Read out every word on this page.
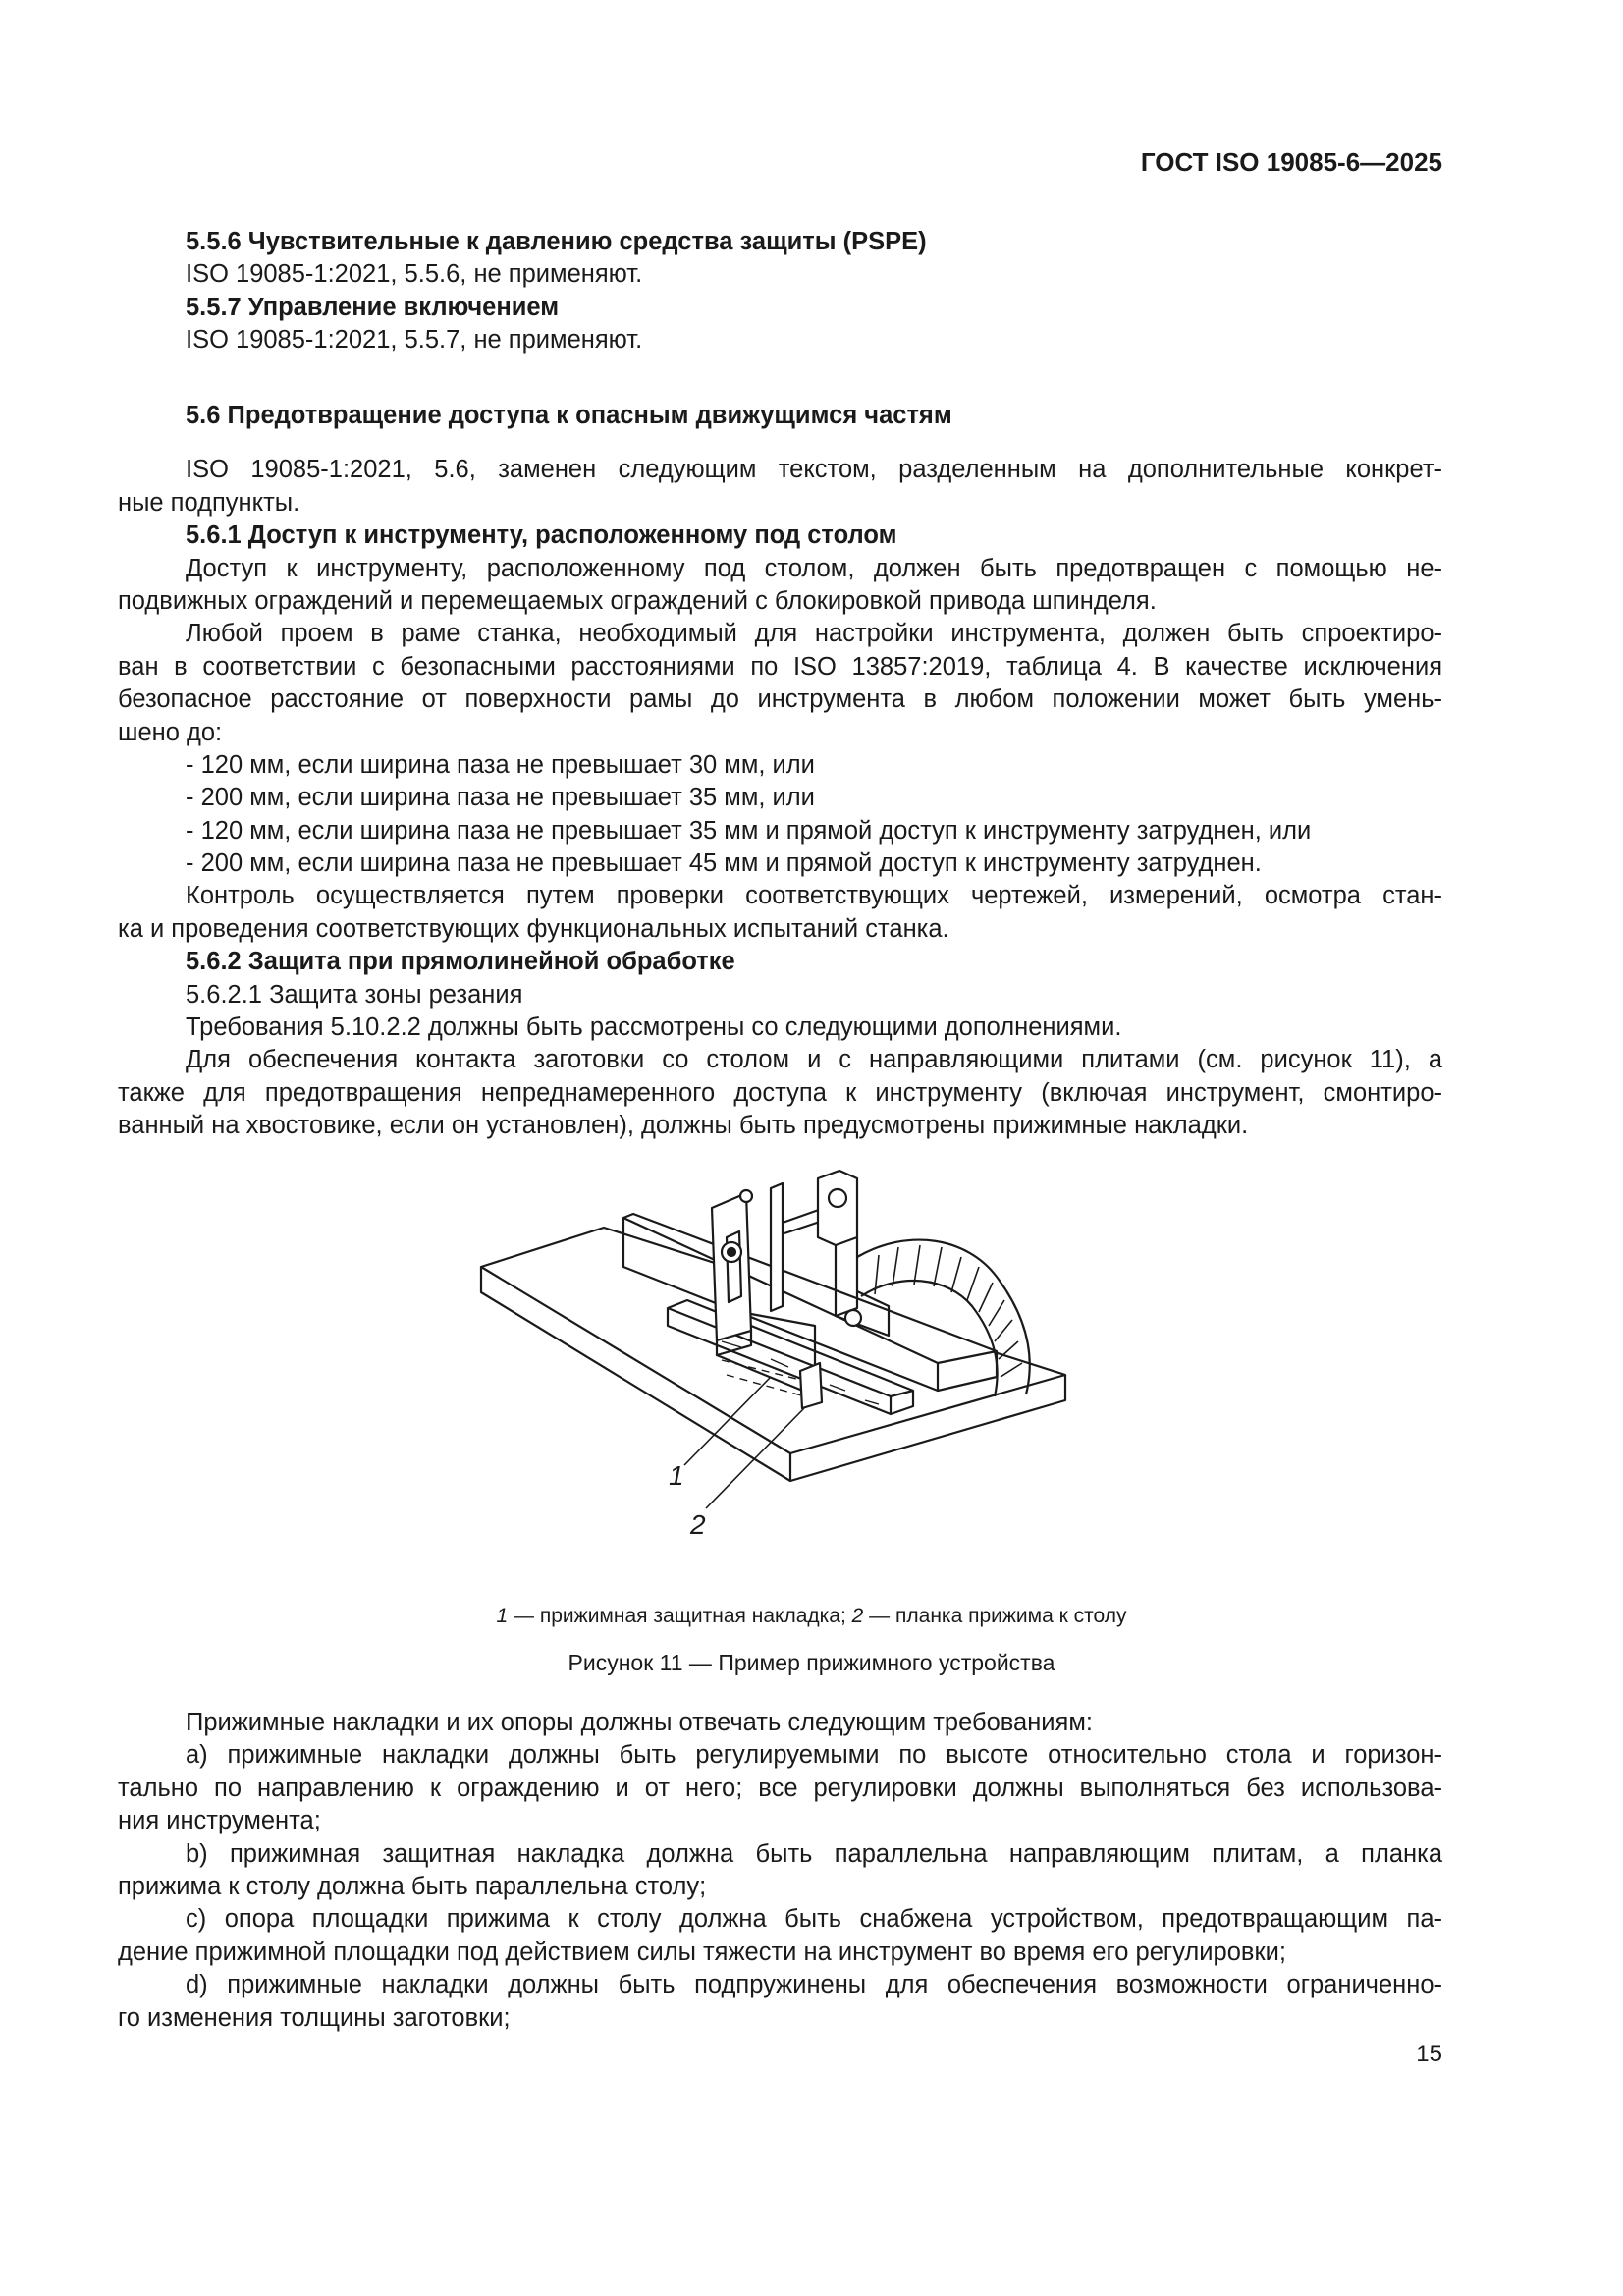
ГОСТ ISO 19085-6—2025
5.5.6 Чувствительные к давлению средства защиты (PSPE)
ISO 19085-1:2021, 5.5.6, не применяют.
5.5.7 Управление включением
ISO 19085-1:2021, 5.5.7, не применяют.
5.6 Предотвращение доступа к опасным движущимся частям
ISO 19085-1:2021, 5.6, заменен следующим текстом, разделенным на дополнительные конкрет-
ные подпункты.
5.6.1 Доступ к инструменту, расположенному под столом
Доступ к инструменту, расположенному под столом, должен быть предотвращен с помощью не-
подвижных ограждений и перемещаемых ограждений с блокировкой привода шпинделя.
Любой проем в раме станка, необходимый для настройки инструмента, должен быть спроектиро-
ван в соответствии с безопасными расстояниями по ISO 13857:2019, таблица 4. В качестве исключения
безопасное расстояние от поверхности рамы до инструмента в любом положении может быть умень-
шено до:
- 120 мм, если ширина паза не превышает 30 мм, или
- 200 мм, если ширина паза не превышает 35 мм, или
- 120 мм, если ширина паза не превышает 35 мм и прямой доступ к инструменту затруднен, или
- 200 мм, если ширина паза не превышает 45 мм и прямой доступ к инструменту затруднен.
Контроль осуществляется путем проверки соответствующих чертежей, измерений, осмотра стан-
ка и проведения соответствующих функциональных испытаний станка.
5.6.2 Защита при прямолинейной обработке
5.6.2.1 Защита зоны резания
Требования 5.10.2.2 должны быть рассмотрены со следующими дополнениями.
Для обеспечения контакта заготовки со столом и с направляющими плитами (см. рисунок 11), а
также для предотвращения непреднамеренного доступа к инструменту (включая инструмент, смонтиро-
ванный на хвостовике, если он установлен), должны быть предусмотрены прижимные накладки.
1
2
1 — прижимная защитная накладка; 2 — планка прижима к столу
Рисунок 11 — Пример прижимного устройства
Прижимные накладки и их опоры должны отвечать следующим требованиям:
a) прижимные накладки должны быть регулируемыми по высоте относительно стола и горизон-
тально по направлению к ограждению и от него; все регулировки должны выполняться без использова-
ния инструмента;
b) прижимная защитная накладка должна быть параллельна направляющим плитам, а планка
прижима к столу должна быть параллельна столу;
c) опора площадки прижима к столу должна быть снабжена устройством, предотвращающим па-
дение прижимной площадки под действием силы тяжести на инструмент во время его регулировки;
d) прижимные накладки должны быть подпружинены для обеспечения возможности ограниченно-
го изменения толщины заготовки;
15
